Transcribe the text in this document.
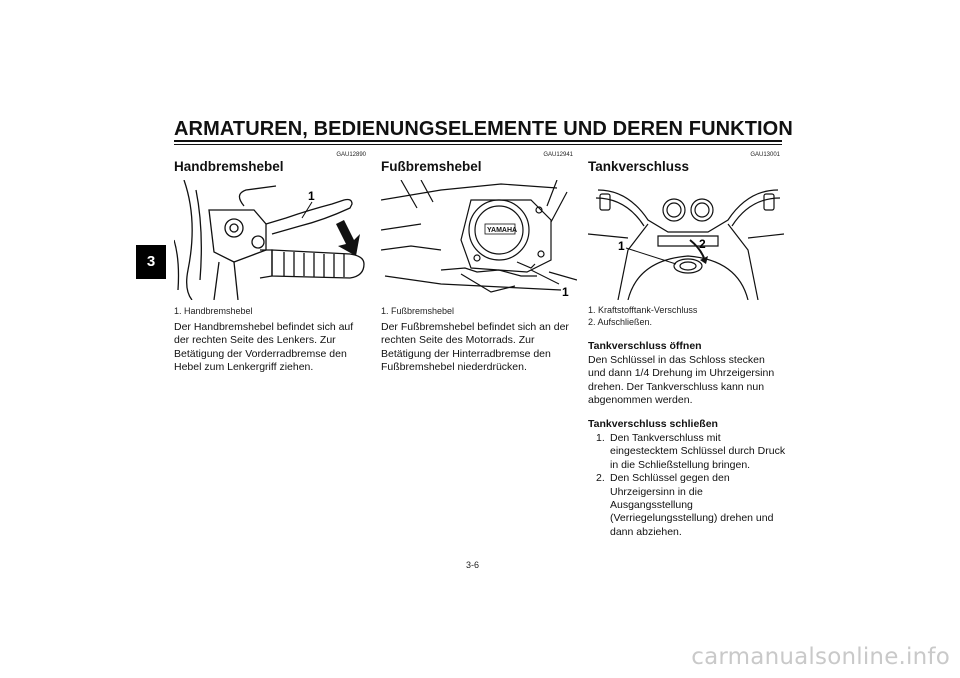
ARMATUREN, BEDIENUNGSELEMENTE UND DEREN FUNKTION
3
GAU12890
Handbremshebel
1
1. Handbremshebel
Der Handbremshebel befindet sich auf der rechten Seite des Lenkers. Zur Betätigung der Vorderradbremse den Hebel zum Lenkergriff ziehen.
GAU12941
Fußbremshebel
YAMAHA
1
1. Fußbremshebel
Der Fußbremshebel befindet sich an der rechten Seite des Motorrads. Zur Betätigung der Hinterradbremse den Fußbremshebel niederdrücken.
GAU13001
Tankverschluss
1	2
1. Kraftstofftank-Verschluss
2. Aufschließen.
Tankverschluss öffnen
Den Schlüssel in das Schloss stecken und dann 1/4 Drehung im Uhrzeigersinn drehen. Der Tankverschluss kann nun abgenommen werden.
Tankverschluss schließen
1. Den Tankverschluss mit eingestecktem Schlüssel durch Druck in die Schließstellung bringen.
2. Den Schlüssel gegen den Uhrzeigersinn in die Ausgangsstellung (Verriegelungsstellung) drehen und dann abziehen.
3-6
carmanualsonline.info
